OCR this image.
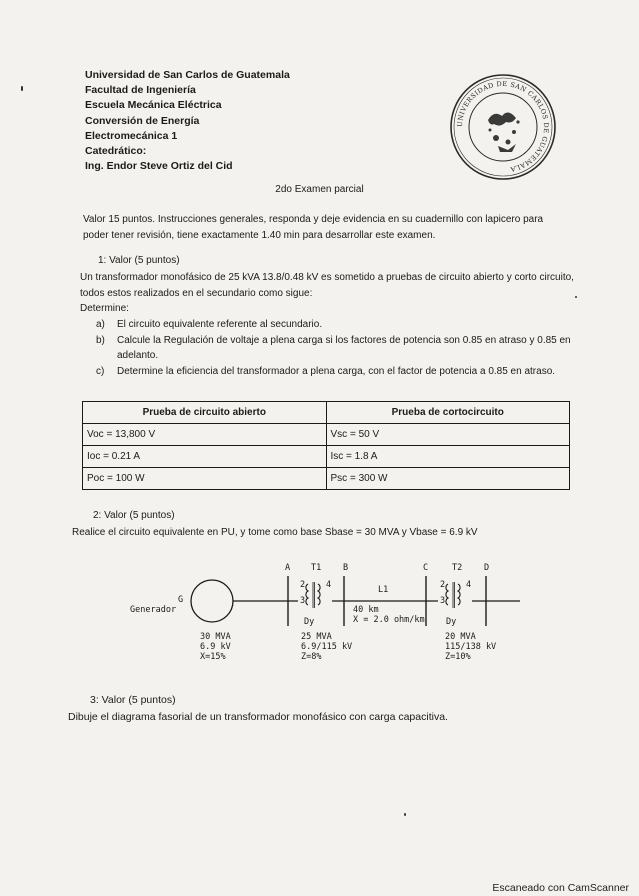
Universidad de San Carlos de Guatemala
Facultad de Ingeniería
Escuela Mecánica Eléctrica
Conversión de Energía
Electromecánica 1
Catedrático:
Ing. Endor Steve Ortiz del Cid
UNIVERSIDAD DE SAN CARLOS DE GUATEMALA
2do Examen parcial
Valor 15 puntos. Instrucciones generales, responda y deje evidencia en su cuadernillo con lapicero para poder tener revisión, tiene exactamente 1.40 min para desarrollar este examen.
1: Valor (5 puntos)
Un transformador monofásico de 25 kVA 13.8/0.48 kV es sometido a pruebas de circuito abierto y corto circuito, todos estos realizados en el secundario como sigue:
Determine:
a) El circuito equivalente referente al secundario.
b) Calcule la Regulación de voltaje a plena carga si los factores de potencia son 0.85 en atraso y 0.85 en adelanto.
c) Determine la eficiencia del transformador a plena carga, con el factor de potencia a 0.85 en atraso.
Prueba de circuito abierto	Prueba de cortocircuito
Voc = 13,800 V	Vsc = 50 V
Ioc = 0.21 A	Isc = 1.8 A
Poc = 100 W	Psc = 300 W
2: Valor (5 puntos)
Realice el circuito equivalente en PU, y tome como base Sbase = 30 MVA y Vbase = 6.9 kV
A	B	C	D
T1	T2
L1
G
Generador
2 4
3
Dy
2 4
3
Dy
40 km
X = 2.0 ohm/km
30 MVA
6.9 kV
X=15%
25 MVA
6.9/115 kV
Z=8%
20 MVA
115/138 kV
Z=10%
3: Valor (5 puntos)
Dibuje el diagrama fasorial de un transformador monofásico con carga capacitiva.
Escaneado con CamScanner
